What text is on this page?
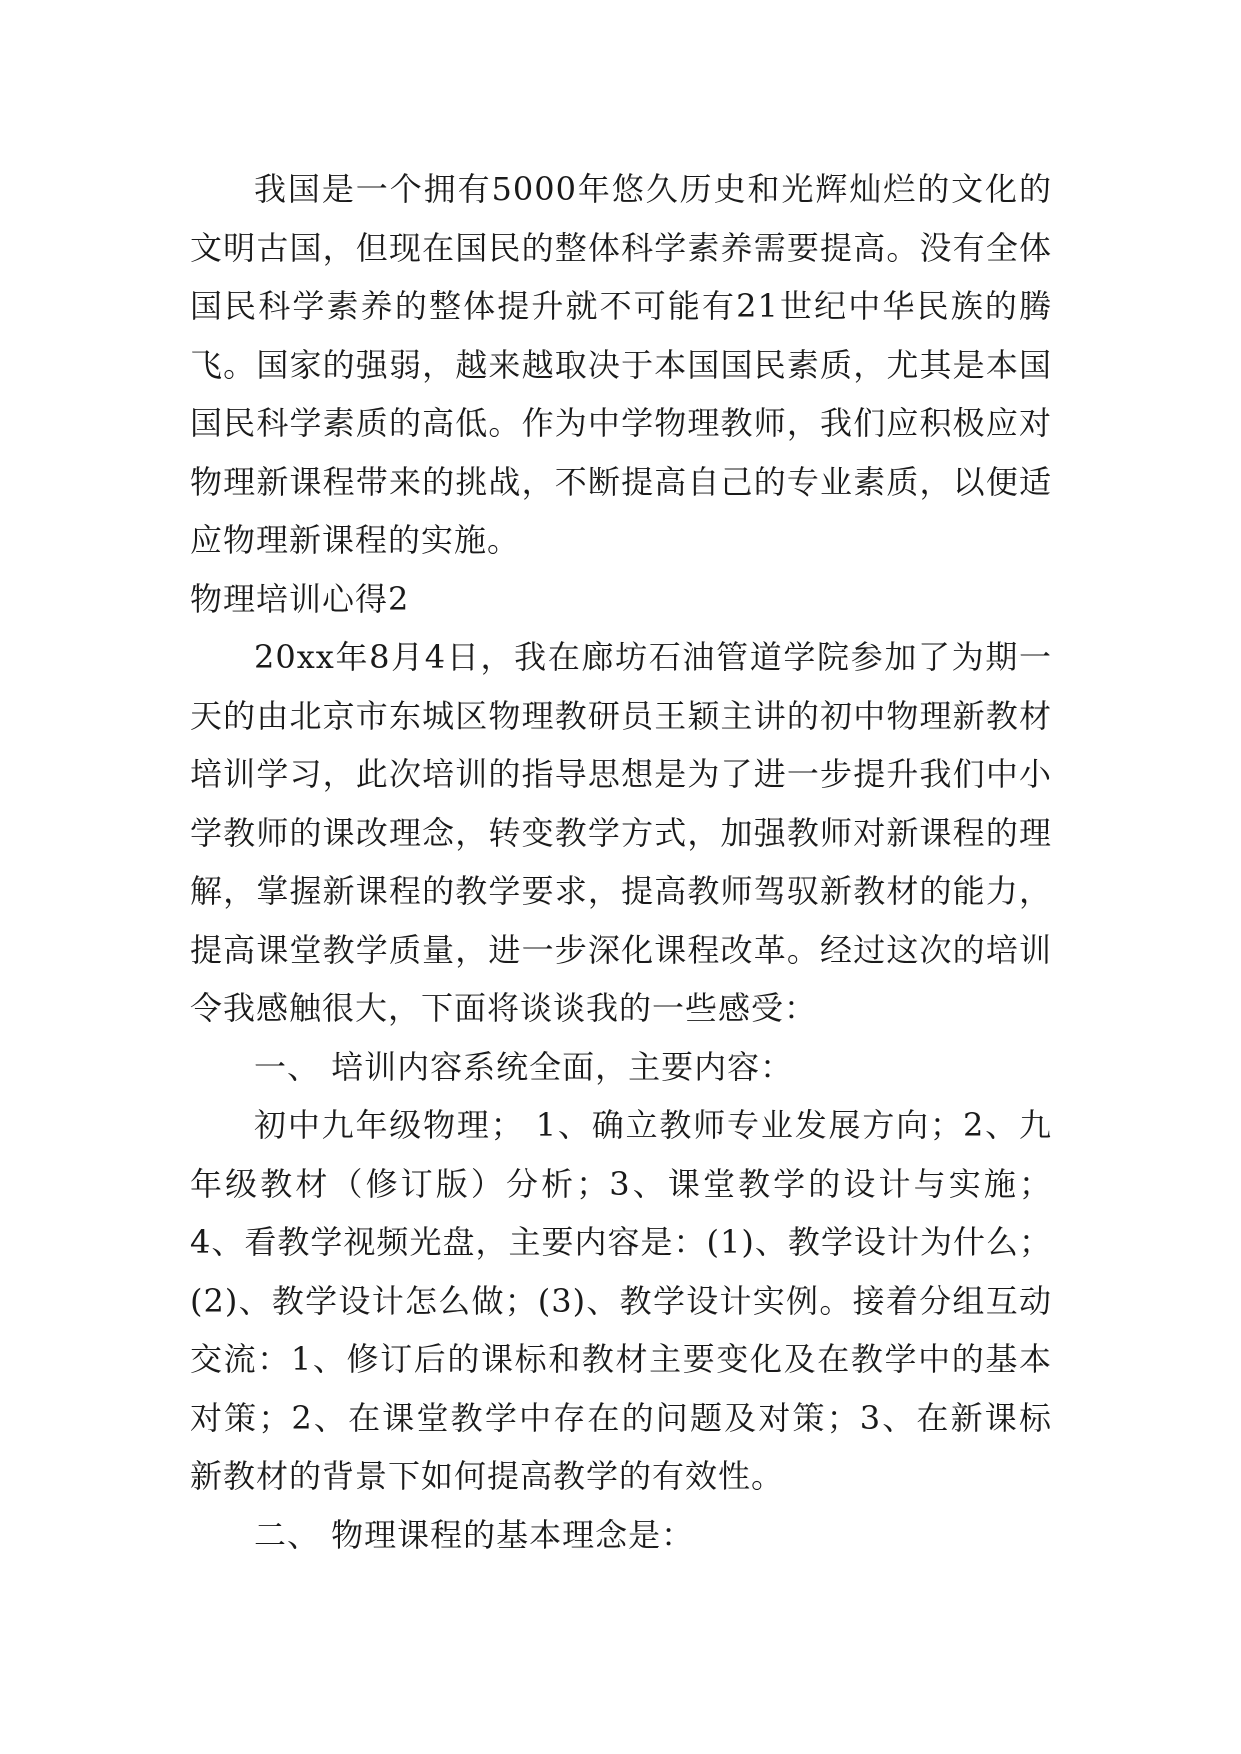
我国是一个拥有5000年悠久历史和光辉灿烂的文化的文明古国，但现在国民的整体科学素养需要提高。没有全体国民科学素养的整体提升就不可能有21世纪中华民族的腾飞。国家的强弱，越来越取决于本国国民素质，尤其是本国国民科学素质的高低。作为中学物理教师，我们应积极应对物理新课程带来的挑战，不断提高自己的专业素质，以便适应物理新课程的实施。

物理培训心得2

20xx年8月4日，我在廊坊石油管道学院参加了为期一天的由北京市东城区物理教研员王颖主讲的初中物理新教材培训学习，此次培训的指导思想是为了进一步提升我们中小学教师的课改理念，转变教学方式，加强教师对新课程的理解，掌握新课程的教学要求，提高教师驾驭新教材的能力，提高课堂教学质量，进一步深化课程改革。经过这次的培训令我感触很大，下面将谈谈我的一些感受：

一、 培训内容系统全面，主要内容：

初中九年级物理； 1、确立教师专业发展方向；2、九年级教材（修订版）分析；3、课堂教学的设计与实施；4、看教学视频光盘，主要内容是：(1)、教学设计为什么；(2)、教学设计怎么做；(3)、教学设计实例。接着分组互动交流：1、修订后的课标和教材主要变化及在教学中的基本对策；2、在课堂教学中存在的问题及对策；3、在新课标新教材的背景下如何提高教学的有效性。

二、 物理课程的基本理念是：
